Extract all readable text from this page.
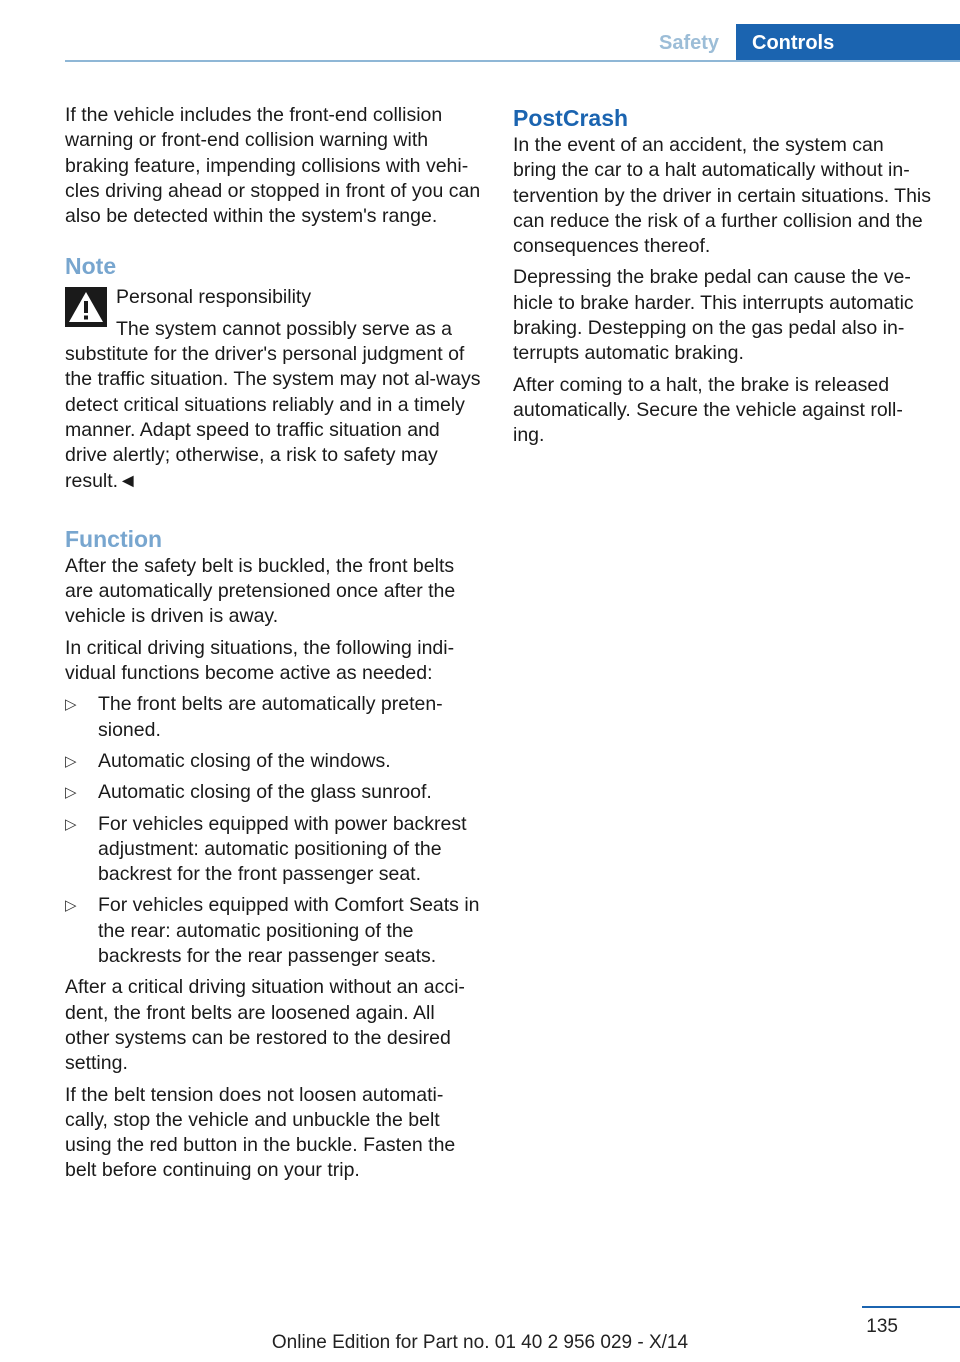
Safety	Controls

If the vehicle includes the front-end collision warning or front-end collision warning with braking feature, impending collisions with vehi-cles driving ahead or stopped in front of you can also be detected within the system's range.

Note

Personal responsibility

The system cannot possibly serve as a substitute for the driver's personal judgment of the traffic situation. The system may not al-ways detect critical situations reliably and in a timely manner. Adapt speed to traffic situation and drive alertly; otherwise, a risk to safety may result.◄

Function

After the safety belt is buckled, the front belts are automatically pretensioned once after the vehicle is driven is away.

In critical driving situations, the following indi-vidual functions become active as needed:

▷ The front belts are automatically preten-sioned.
▷ Automatic closing of the windows.
▷ Automatic closing of the glass sunroof.
▷ For vehicles equipped with power backrest adjustment: automatic positioning of the backrest for the front passenger seat.
▷ For vehicles equipped with Comfort Seats in the rear: automatic positioning of the backrests for the rear passenger seats.

After a critical driving situation without an acci-dent, the front belts are loosened again. All other systems can be restored to the desired setting.

If the belt tension does not loosen automati-cally, stop the vehicle and unbuckle the belt using the red button in the buckle. Fasten the belt before continuing on your trip.

PostCrash

In the event of an accident, the system can bring the car to a halt automatically without in-tervention by the driver in certain situations. This can reduce the risk of a further collision and the consequences thereof.

Depressing the brake pedal can cause the ve-hicle to brake harder. This interrupts automatic braking. Destepping on the gas pedal also in-terrupts automatic braking.

After coming to a halt, the brake is released automatically. Secure the vehicle against roll-ing.

135
Online Edition for Part no. 01 40 2 956 029 - X/14
